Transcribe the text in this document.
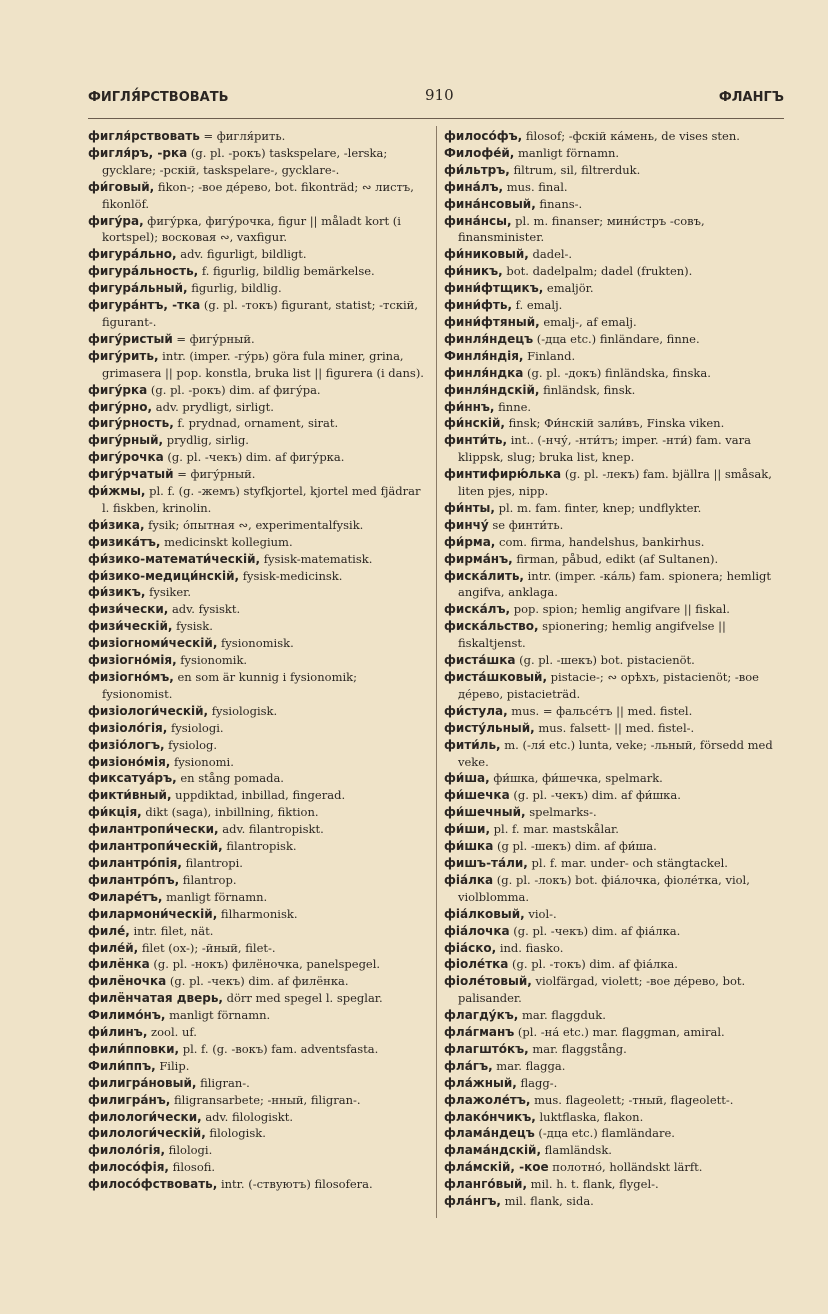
ФИГЛЯ́РСТВОВАТЬ	910	ФЛАНГЪ
фигля́рствовать = фигля́рить.
фигля́ръ, -рка (g. pl. -рокъ) taskspelare, -lerska; gycklare; -рскій, taskspelare-, gycklare-.
фи́говый, fikon-; -вое де́рево, bot. fikonträd; ∾ листъ, fikonlöf.
фигу́ра, фигу́рка, фигу́рочка, figur || måladt kort (i kortspel); восковая ∾, vaxfigur.
фигура́льно, adv. figurligt, bildligt.
фигура́льность, f. figurlig, bildlig bemärkelse.
фигура́льный, figurlig, bildlig.
фигура́нтъ, -тка (g. pl. -токъ) figurant, statist; -тскій, figurant-.
фигу́ристый = фигу́рный.
фигу́рить, intr. (imper. -гу́рь) göra fula miner, grina, grimasera || pop. konstla, bruka list || figurera (i dans).
фигу́рка (g. pl. -рокъ) dim. af фигу́ра.
фигу́рно, adv. prydligt, sirligt.
фигу́рность, f. prydnad, ornament, sirat.
фигу́рный, prydlig, sirlig.
фигу́рочка (g. pl. -чекъ) dim. af фигу́рка.
фигу́рчатый = фигу́рный.
фи́жмы, pl. f. (g. -жемъ) styfkjortel, kjortel med fjädrar l. fiskben, krinolin.
фи́зика, fysik; о́пытная ∾, experimentalfysik.
физика́тъ, medicinskt kollegium.
фи́зико-математи́ческій, fysisk-matematisk.
фи́зико-медици́нскій, fysisk-medicinsk.
фи́зикъ, fysiker.
физи́чески, adv. fysiskt.
физи́ческій, fysisk.
физіогноми́ческій, fysionomisk.
физіогно́мія, fysionomik.
физіогно́мъ, en som är kunnig i fysionomik; fysionomist.
физіологи́ческій, fysiologisk.
физіоло́гія, fysiologi.
физіо́логъ, fysiolog.
физіоно́мія, fysionomi.
фиксатуа́ръ, en stång pomada.
фикти́вный, uppdiktad, inbillad, fingerad.
фи́кція, dikt (saga), inbillning, fiktion.
филантропи́чески, adv. filantropiskt.
филантропи́ческій, filantropisk.
филантро́пія, filantropi.
филантро́пъ, filantrop.
Филаре́тъ, manligt förnamn.
филармони́ческій, filharmonisk.
филе́, intr. filet, nät.
филе́й, filet (ox-); -йный, filet-.
филёнка (g. pl. -нокъ) филёночка, panelspegel.
филёночка (g. pl. -чекъ) dim. af филёнка.
филёнчатая дверь, dörr med spegel l. speglar.
Филимо́нъ, manligt förnamn.
фи́линъ, zool. uf.
фили́пповки, pl. f. (g. -вокъ) fam. adventsfasta.
Фили́ппъ, Filip.
филигра́новый, filigran-.
филигра́нъ, filigransarbete; -нный, filigran-.
филологи́чески, adv. filologiskt.
филологи́ческій, filologisk.
филоло́гія, filologi.
филосо́фія, filosofi.
филосо́фствовать, intr. (-ствуютъ) filosofera.
филосо́фъ, filosof; -фскій ка́мень, de vises sten.
Филофе́й, manligt förnamn.
фи́льтръ, filtrum, sil, filtrerduk.
фина́лъ, mus. final.
фина́нсовый, finans-.
фина́нсы, pl. m. finanser; мини́стръ -совъ, finansminister.
фи́никовый, dadel-.
фи́никъ, bot. dadelpalm; dadel (frukten).
фини́фтщикъ, emaljör.
фини́фть, f. emalj.
фини́фтяный, emalj-, af emalj.
финля́ндецъ (-дца etc.) finländare, finne.
Финля́ндія, Finland.
финля́ндка (g. pl. -докъ) finländska, finska.
финля́ндскій, finländsk, finsk.
фи́ннъ, finne.
фи́нскій, finsk; Фи́нскій зали́въ, Finska viken.
финти́ть, int.. (-нчу́, -нти́тъ; imper. -нти́) fam. vara klippsk, slug; bruka list, knep.
финтифирю́лька (g. pl. -лекъ) fam. bjällra || småsak, liten pjes, nipp.
фи́нты, pl. m. fam. finter, knep; undflykter.
финчу́ se финти́ть.
фи́рма, com. firma, handelshus, bankirhus.
фирма́нъ, firman, påbud, edikt (af Sultanen).
фиска́лить, intr. (imper. -ка́ль) fam. spionera; hemligt angifva, anklaga.
фиска́лъ, pop. spion; hemlig angifvare || fiskal.
фиска́льство, spionering; hemlig angifvelse || fiskaltjenst.
фиста́шка (g. pl. -шекъ) bot. pistacienöt.
фиста́шковый, pistacie-; ∾ орѣхъ, pistacienöt; -вое де́рево, pistacieträd.
фи́стула, mus. = фальсе́тъ || med. fistel.
фисту́льный, mus. falsett- || med. fistel-.
фити́ль, m. (-ля́ etc.) lunta, veke; -льный, försedd med veke.
фи́ша, фи́шка, фи́шечка, spelmark.
фи́шечка (g. pl. -чекъ) dim. af фи́шка.
фи́шечный, spelmarks-.
фи́ши, pl. f. mar. mastskålar.
фи́шка (g pl. -шекъ) dim. af фи́ша.
фишъ-та́ли, pl. f. mar. under- och stängtackel.
фіа́лка (g. pl. -локъ) bot. фіа́лочка, фіоле́тка, viol, violblomma.
фіа́лковый, viol-.
фіа́лочка (g. pl. -чекъ) dim. af фіа́лка.
фіа́ско, ind. fiasko.
фіоле́тка (g. pl. -токъ) dim. af фіа́лка.
фіоле́товый, violfärgad, violett; -вое де́рево, bot. palisander.
флагду́къ, mar. flaggduk.
фла́гманъ (pl. -на́ etc.) mar. flaggman, amiral.
флагшто́къ, mar. flaggstång.
фла́гъ, mar. flagga.
фла́жный, flagg-.
флажоле́тъ, mus. flageolett; -тный, flageolett-.
флако́нчикъ, luktflaska, flakon.
флама́ндецъ (-дца etc.) flamländare.
флама́ндскій, flamländsk.
фла́мскій, -кое полотно́, holländskt lärft.
фланго́вый, mil. h. t. flank, flygel-.
фла́нгъ, mil. flank, sida.
